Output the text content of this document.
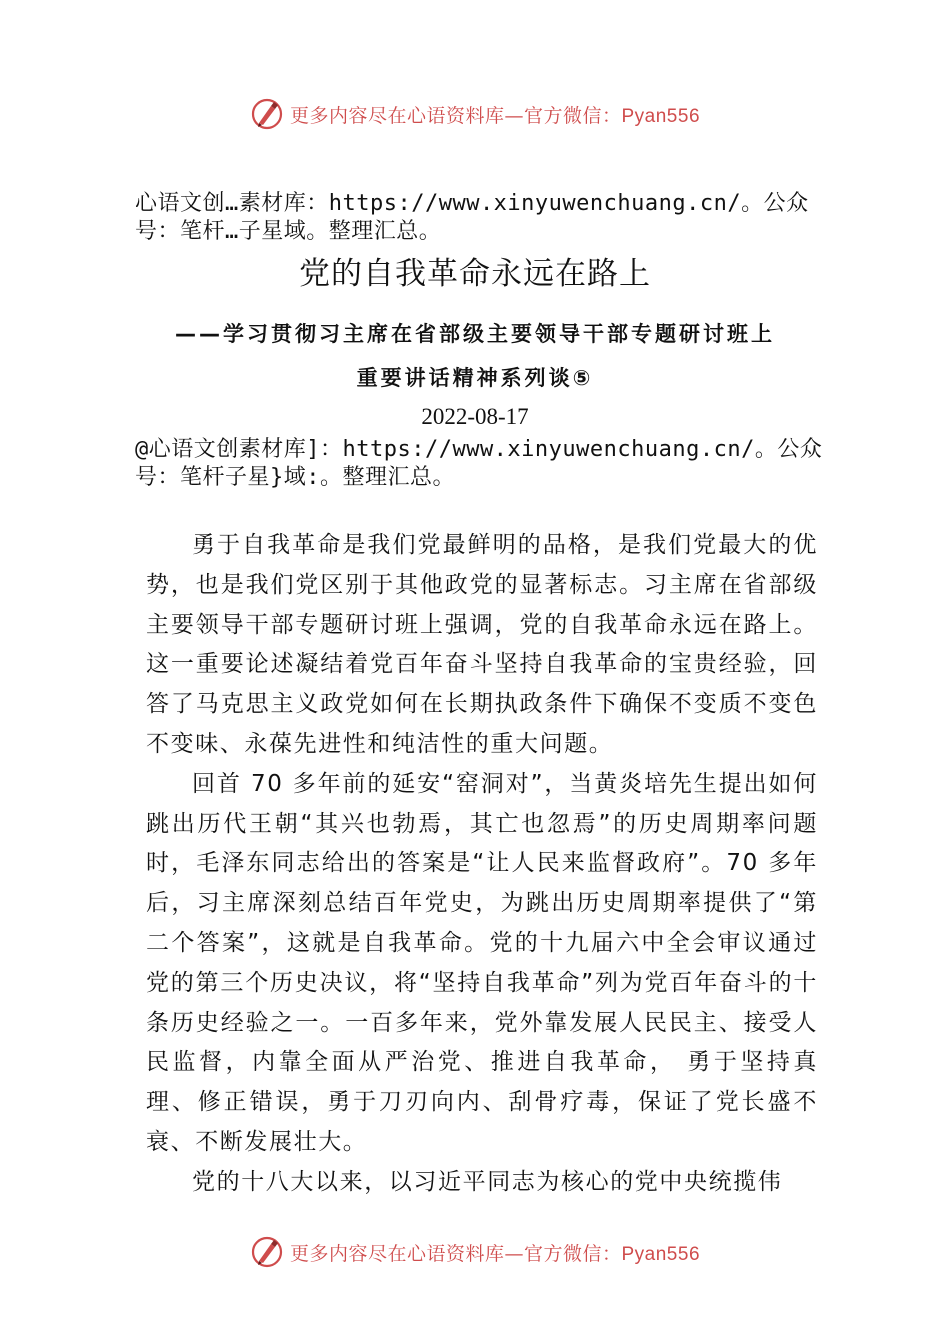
更多内容尽在心语资料库—官方微信：Pyan556
心语文创…素材库：https://www.xinyuwenchuang.cn/。公众号：笔杆…子星域。整理汇总。
党的自我革命永远在路上
——学习贯彻习主席在省部级主要领导干部专题研讨班上
重要讲话精神系列谈⑤
2022-08-17
@心语文创素材库]：https://www.xinyuwenchuang.cn/。公众号：笔杆子星}域:。整理汇总。

勇于自我革命是我们党最鲜明的品格，是我们党最大的优势，也是我们党区别于其他政党的显著标志。习主席在省部级主要领导干部专题研讨班上强调，党的自我革命永远在路上。这一重要论述凝结着党百年奋斗坚持自我革命的宝贵经验，回答了马克思主义政党如何在长期执政条件下确保不变质不变色不变味、永葆先进性和纯洁性的重大问题。

回首 70 多年前的延安“窑洞对”，当黄炎培先生提出如何跳出历代王朝“其兴也勃焉，其亡也忽焉”的历史周期率问题时，毛泽东同志给出的答案是“让人民来监督政府”。70 多年后，习主席深刻总结百年党史，为跳出历史周期率提供了“第二个答案”，这就是自我革命。党的十九届六中全会审议通过党的第三个历史决议，将“坚持自我革命”列为党百年奋斗的十条历史经验之一。一百多年来，党外靠发展人民民主、接受人民监督，内靠全面从严治党、推进自我革命， 勇于坚持真理、修正错误，勇于刀刃向内、刮骨疗毒，保证了党长盛不衰、不断发展壮大。

党的十八大以来，以习近平同志为核心的党中央统揽伟

更多内容尽在心语资料库—官方微信：Pyan556
